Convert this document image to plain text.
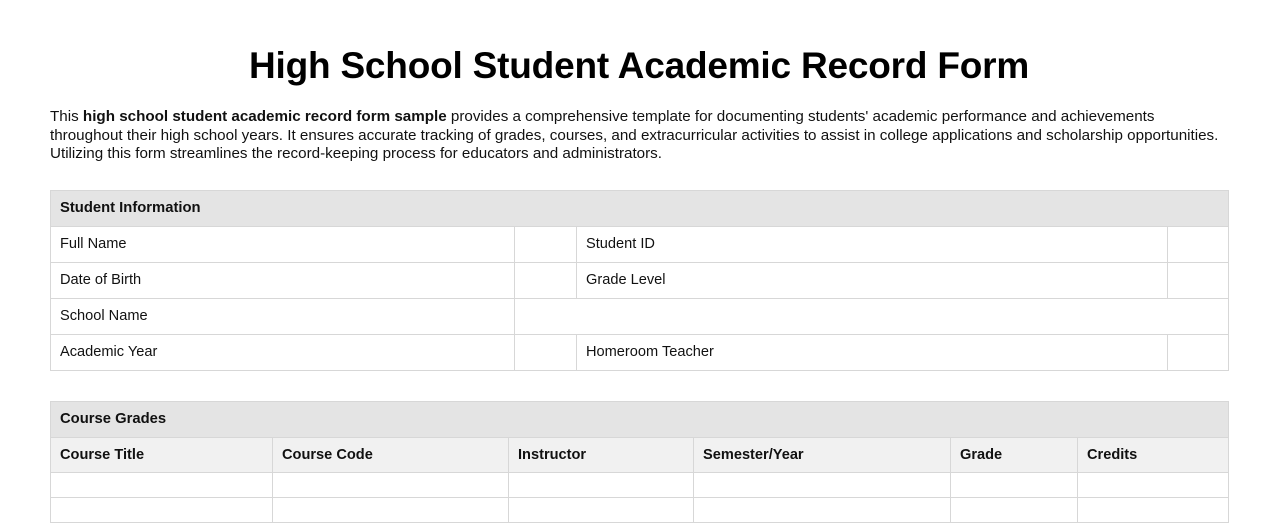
High School Student Academic Record Form

This high school student academic record form sample provides a comprehensive template for documenting students' academic performance and achievements throughout their high school years. It ensures accurate tracking of grades, courses, and extracurricular activities to assist in college applications and scholarship opportunities. Utilizing this form streamlines the record-keeping process for educators and administrators.

Student Information			
Full Name		Student ID	
Date of Birth		Grade Level	
School Name			
Academic Year		Homeroom Teacher	
Course Grades					
Course Title	Course Code	Instructor	Semester/Year	Grade	Credits
